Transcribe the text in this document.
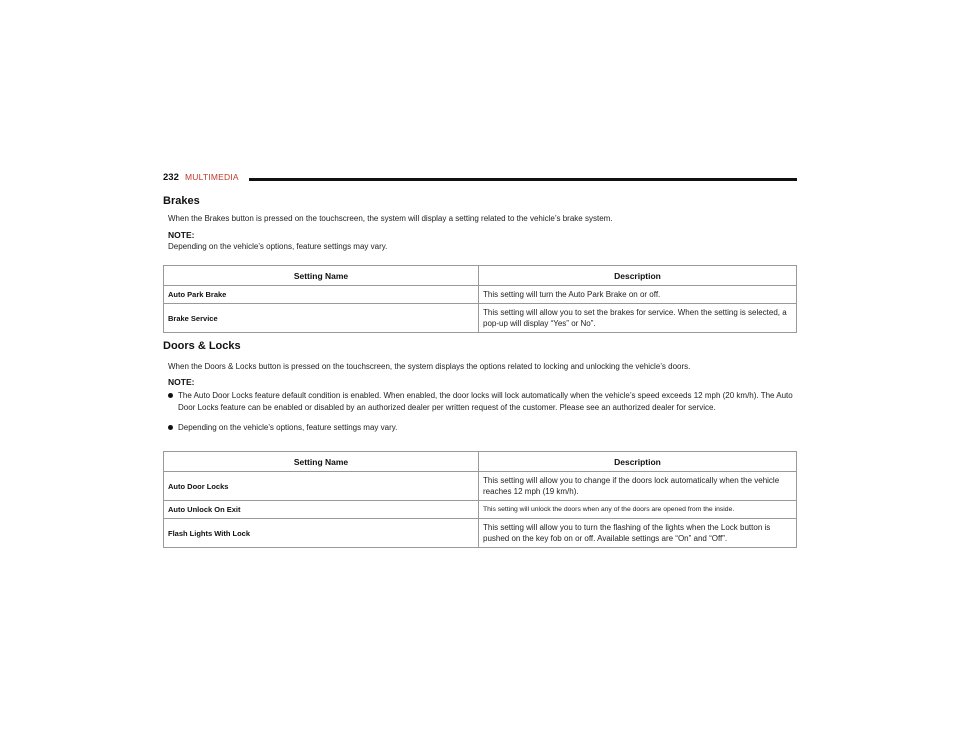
232 MULTIMEDIA
Brakes

When the Brakes button is pressed on the touchscreen, the system will display a setting related to the vehicle’s brake system.

NOTE:

Depending on the vehicle’s options, feature settings may vary.

Setting Name	Description
Auto Park Brake	This setting will turn the Auto Park Brake on or off.
Brake Service	This setting will allow you to set the brakes for service. When the setting is selected, a pop-up will display “Yes” or No”.
Doors & Locks

When the Doors & Locks button is pressed on the touchscreen, the system displays the options related to locking and unlocking the vehicle’s doors.

NOTE:

The Auto Door Locks feature default condition is enabled. When enabled, the door locks will lock automatically when the vehicle’s speed exceeds 12 mph (20 km/h). The Auto Door Locks feature can be enabled or disabled by an authorized dealer per written request of the customer. Please see an authorized dealer for service.
Depending on the vehicle’s options, feature settings may vary.
Setting Name	Description
Auto Door Locks	This setting will allow you to change if the doors lock automatically when the vehicle reaches 12 mph (19 km/h).
Auto Unlock On Exit	This setting will unlock the doors when any of the doors are opened from the inside.
Flash Lights With Lock	This setting will allow you to turn the flashing of the lights when the Lock button is pushed on the key fob on or off. Available settings are “On” and “Off”.
